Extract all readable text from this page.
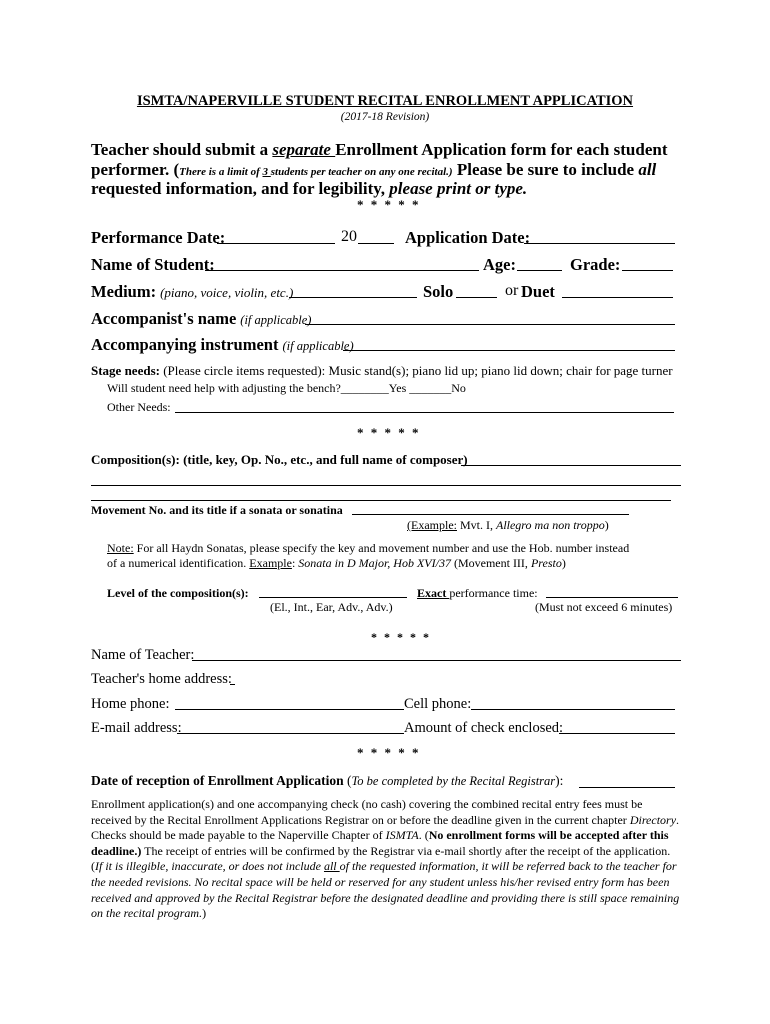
ISMTA/NAPERVILLE STUDENT RECITAL ENROLLMENT APPLICATION
(2017-18 Revision)
Teacher should submit a separate Enrollment Application form for each student
performer. (There is a limit of 3 students per teacher on any one recital.) Please be sure to include all
requested information, and for legibility, please print or type.
* * * * *
Performance Date:	20	Application Date:
Name of Student:	Age:	Grade:
Medium: (piano, voice, violin, etc.)	Solo	or Duet
Accompanist's name (if applicable)
Accompanying instrument (if applicable)
Stage needs: (Please circle items requested): Music stand(s); piano lid up; piano lid down; chair for page turner
Will student need help with adjusting the bench?________Yes _______No
Other Needs:
* * * * *
Composition(s): (title, key, Op. No., etc., and full name of composer)
Movement No. and its title if a sonata or sonatina
(Example: Mvt. I, Allegro ma non troppo)
Note: For all Haydn Sonatas, please specify the key and movement number and use the Hob. number instead
of a numerical identification. Example: Sonata in D Major, Hob XVI/37 (Movement III, Presto)
Level of the composition(s):
(El., Int., Ear, Adv., Adv.)
Exact performance time:
(Must not exceed 6 minutes)
* * * * *
Name of Teacher:
Teacher's home address:
Home phone:	Cell phone:
E-mail address:	Amount of check enclosed:
* * * * *
Date of reception of Enrollment Application (To be completed by the Recital Registrar):
Enrollment application(s) and one accompanying check (no cash) covering the combined recital entry fees must be received by the Recital Enrollment Applications Registrar on or before the deadline given in the current chapter Directory. Checks should be made payable to the Naperville Chapter of ISMTA. (No enrollment forms will be accepted after this deadline.) The receipt of entries will be confirmed by the Registrar via e-mail shortly after the receipt of the application. (If it is illegible, inaccurate, or does not include all of the requested information, it will be referred back to the teacher for the needed revisions. No recital space will be held or reserved for any student unless his/her revised entry form has been received and approved by the Recital Registrar before the designated deadline and providing there is still space remaining on the recital program.)
